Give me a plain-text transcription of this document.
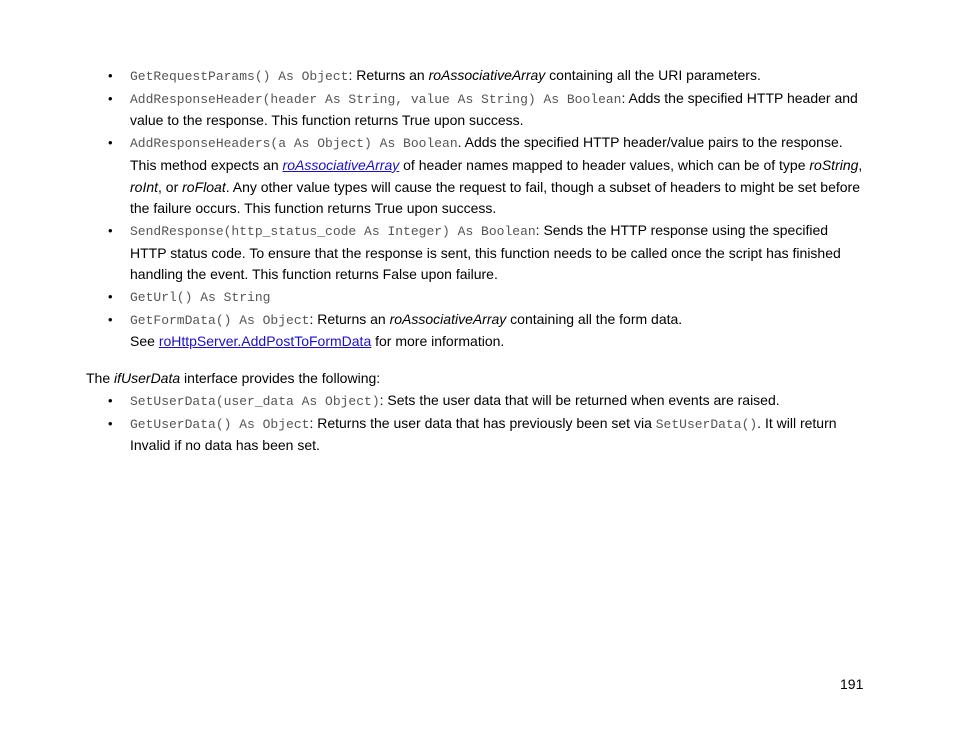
• GetRequestParams() As Object: Returns an roAssociativeArray containing all the URI parameters.
• AddResponseHeader(header As String, value As String) As Boolean: Adds the specified HTTP header and value to the response. This function returns True upon success.
• AddResponseHeaders(a As Object) As Boolean. Adds the specified HTTP header/value pairs to the response. This method expects an roAssociativeArray of header names mapped to header values, which can be of type roString, roInt, or roFloat. Any other value types will cause the request to fail, though a subset of headers to might be set before the failure occurs. This function returns True upon success.
• SendResponse(http_status_code As Integer) As Boolean: Sends the HTTP response using the specified HTTP status code. To ensure that the response is sent, this function needs to be called once the script has finished handling the event. This function returns False upon failure.
• GetUrl() As String
• GetFormData() As Object: Returns an roAssociativeArray containing all the form data.
See roHttpServer.AddPostToFormData for more information.
The ifUserData interface provides the following:
• SetUserData(user_data As Object): Sets the user data that will be returned when events are raised.
• GetUserData() As Object: Returns the user data that has previously been set via SetUserData(). It will return Invalid if no data has been set.
191
